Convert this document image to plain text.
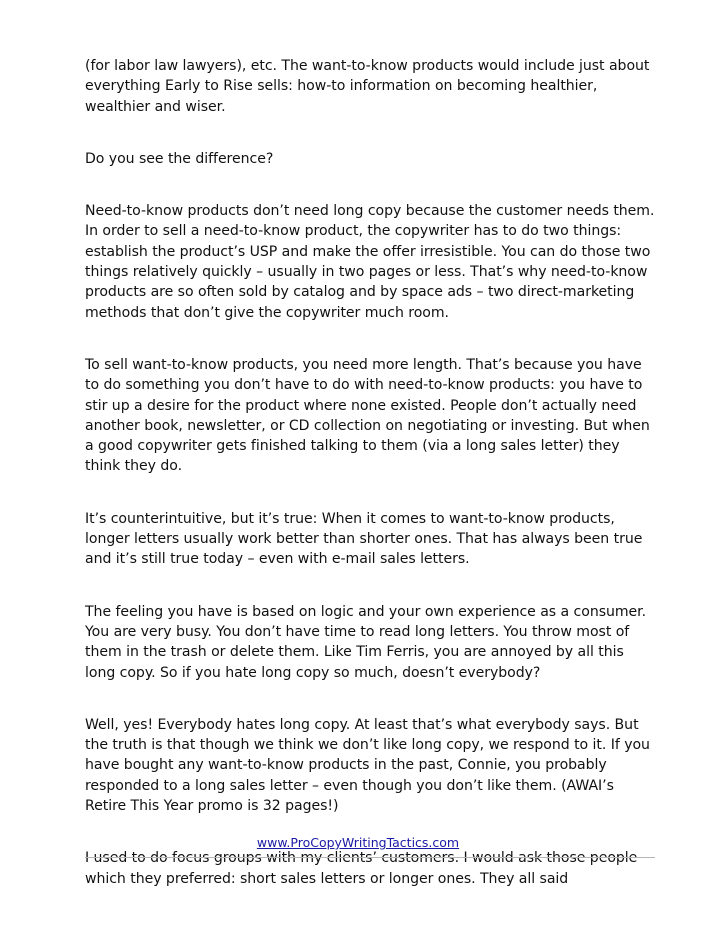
(for labor law lawyers), etc. The want-to-know products would include just about everything Early to Rise sells: how-to information on becoming healthier, wealthier and wiser.

Do you see the difference?

Need-to-know products don’t need long copy because the customer needs them. In order to sell a need-to-know product, the copywriter has to do two things: establish the product’s USP and make the offer irresistible. You can do those two things relatively quickly – usually in two pages or less. That’s why need-to-know products are so often sold by catalog and by space ads – two direct-marketing methods that don’t give the copywriter much room.

To sell want-to-know products, you need more length. That’s because you have to do something you don’t have to do with need-to-know products: you have to stir up a desire for the product where none existed. People don’t actually need another book, newsletter, or CD collection on negotiating or investing. But when a good copywriter gets finished talking to them (via a long sales letter) they think they do.

It’s counterintuitive, but it’s true: When it comes to want-to-know products, longer letters usually work better than shorter ones. That has always been true and it’s still true today – even with e-mail sales letters.

The feeling you have is based on logic and your own experience as a consumer. You are very busy. You don’t have time to read long letters. You throw most of them in the trash or delete them. Like Tim Ferris, you are annoyed by all this long copy. So if you hate long copy so much, doesn’t everybody?

Well, yes! Everybody hates long copy. At least that’s what everybody says. But the truth is that though we think we don’t like long copy, we respond to it. If you have bought any want-to-know products in the past, Connie, you probably responded to a long sales letter – even though you don’t like them. (AWAI’s Retire This Year promo is 32 pages!)

I used to do focus groups with my clients’ customers. I would ask those people which they preferred: short sales letters or longer ones. They all said

www.ProCopyWritingTactics.com
